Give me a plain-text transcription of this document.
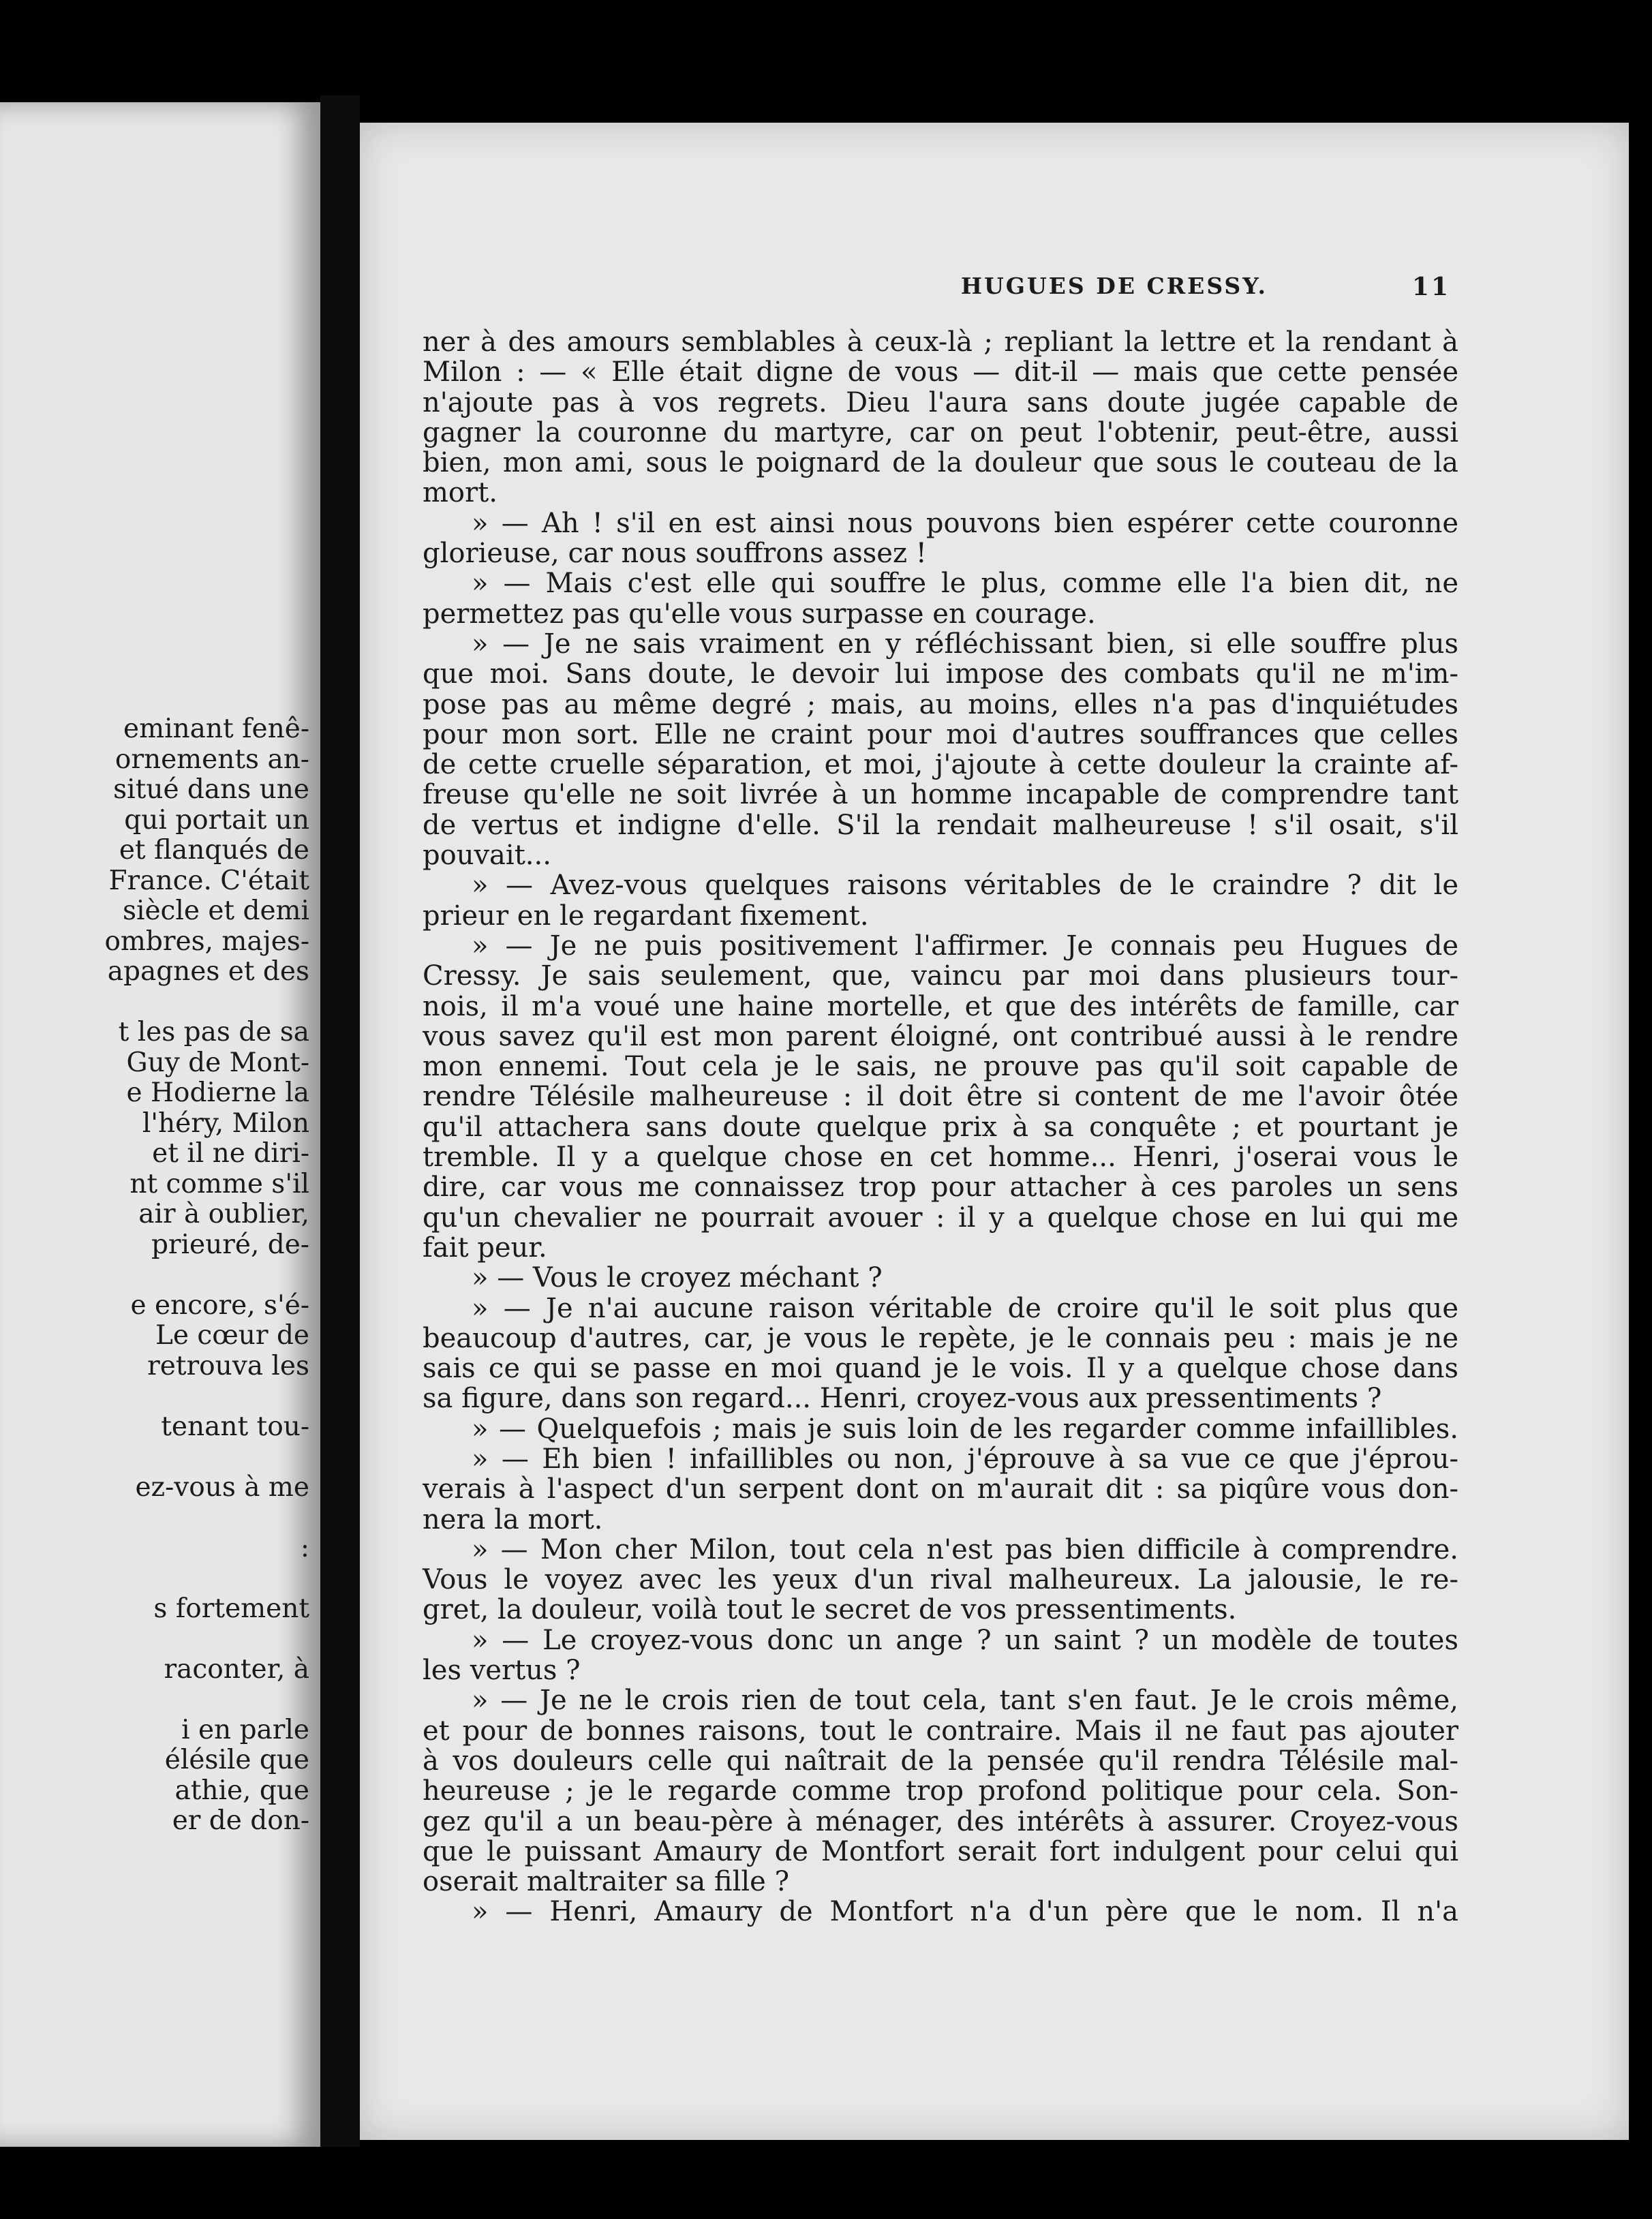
eminant fenê-
ornements an-
situé dans une
qui portait un
et flanqués de
France. C'était
siècle et demi
ombres, majes-
apagnes et des
t les pas de sa
Guy de Mont-
e Hodierne la
l'héry, Milon
et il ne diri-
nt comme s'il
air à oublier,
prieuré, de-
e encore, s'é-
Le cœur de
retrouva les
tenant tou-
ez-vous à me
:
s fortement
raconter, à
i en parle
élésile que
athie, que
er de don-
HUGUES DE CRESSY.	11
ner à des amours semblables à ceux-là ; repliant la lettre et la rendant à
Milon : — « Elle était digne de vous — dit-il — mais que cette pensée
n'ajoute pas à vos regrets. Dieu l'aura sans doute jugée capable de
gagner la couronne du martyre, car on peut l'obtenir, peut-être, aussi
bien, mon ami, sous le poignard de la douleur que sous le couteau de la
mort.
» — Ah ! s'il en est ainsi nous pouvons bien espérer cette couronne
glorieuse, car nous souffrons assez !
» — Mais c'est elle qui souffre le plus, comme elle l'a bien dit, ne
permettez pas qu'elle vous surpasse en courage.
» — Je ne sais vraiment en y réfléchissant bien, si elle souffre plus
que moi. Sans doute, le devoir lui impose des combats qu'il ne m'im-
pose pas au même degré ; mais, au moins, elles n'a pas d'inquiétudes
pour mon sort. Elle ne craint pour moi d'autres souffrances que celles
de cette cruelle séparation, et moi, j'ajoute à cette douleur la crainte af-
freuse qu'elle ne soit livrée à un homme incapable de comprendre tant
de vertus et indigne d'elle. S'il la rendait malheureuse ! s'il osait, s'il
pouvait...
» — Avez-vous quelques raisons véritables de le craindre ? dit le
prieur en le regardant fixement.
» — Je ne puis positivement l'affirmer. Je connais peu Hugues de
Cressy. Je sais seulement, que, vaincu par moi dans plusieurs tour-
nois, il m'a voué une haine mortelle, et que des intérêts de famille, car
vous savez qu'il est mon parent éloigné, ont contribué aussi à le rendre
mon ennemi. Tout cela je le sais, ne prouve pas qu'il soit capable de
rendre Télésile malheureuse : il doit être si content de me l'avoir ôtée
qu'il attachera sans doute quelque prix à sa conquête ; et pourtant je
tremble. Il y a quelque chose en cet homme... Henri, j'oserai vous le
dire, car vous me connaissez trop pour attacher à ces paroles un sens
qu'un chevalier ne pourrait avouer : il y a quelque chose en lui qui me
fait peur.
» — Vous le croyez méchant ?
» — Je n'ai aucune raison véritable de croire qu'il le soit plus que
beaucoup d'autres, car, je vous le repète, je le connais peu : mais je ne
sais ce qui se passe en moi quand je le vois. Il y a quelque chose dans
sa figure, dans son regard... Henri, croyez-vous aux pressentiments ?
» — Quelquefois ; mais je suis loin de les regarder comme infaillibles.
» — Eh bien ! infaillibles ou non, j'éprouve à sa vue ce que j'éprou-
verais à l'aspect d'un serpent dont on m'aurait dit : sa piqûre vous don-
nera la mort.
» — Mon cher Milon, tout cela n'est pas bien difficile à comprendre.
Vous le voyez avec les yeux d'un rival malheureux. La jalousie, le re-
gret, la douleur, voilà tout le secret de vos pressentiments.
» — Le croyez-vous donc un ange ? un saint ? un modèle de toutes
les vertus ?
» — Je ne le crois rien de tout cela, tant s'en faut. Je le crois même,
et pour de bonnes raisons, tout le contraire. Mais il ne faut pas ajouter
à vos douleurs celle qui naîtrait de la pensée qu'il rendra Télésile mal-
heureuse ; je le regarde comme trop profond politique pour cela. Son-
gez qu'il a un beau-père à ménager, des intérêts à assurer. Croyez-vous
que le puissant Amaury de Montfort serait fort indulgent pour celui qui
oserait maltraiter sa fille ?
» — Henri, Amaury de Montfort n'a d'un père que le nom. Il n'a
